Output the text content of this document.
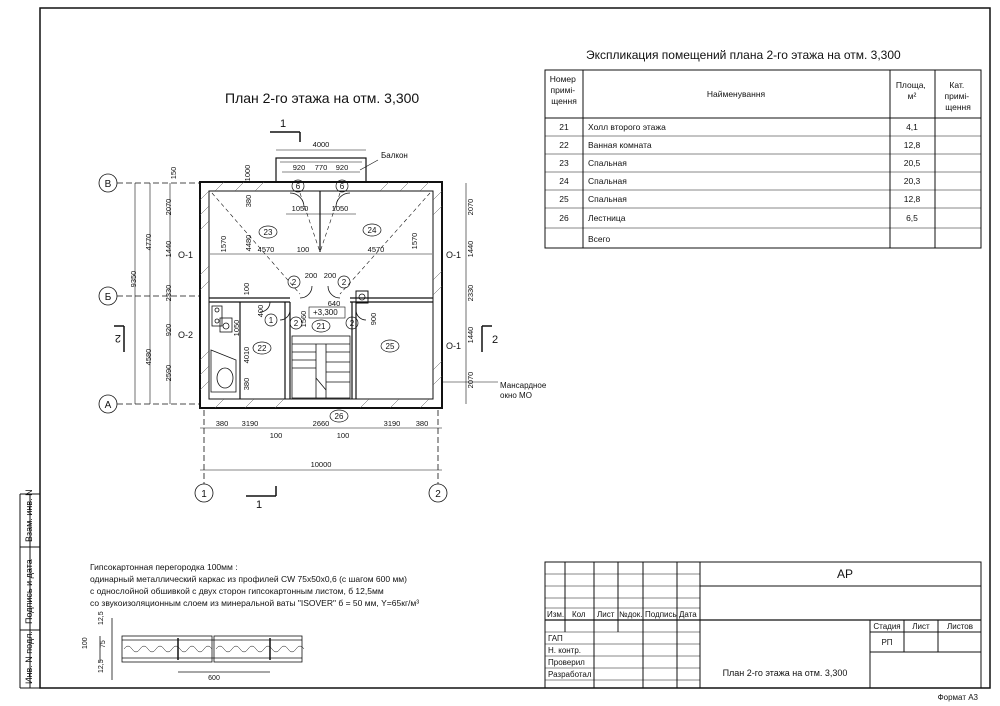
Взам. инв. N
Подпись и дата
Инв. N подл.
План 2-го этажа на отм. 3,300
Балкон
Мансардное
окно МО
+3,300
1
1
2	2
В
Б
А
1	2
23	24
22	25
21
26
6	6
2	2
2	2
1
О-1	О-1
О-2
О-1
4000
920 770 920
1050	1050
1000
380
150
4570	100	4570
200 200
640
1560
400
900
4480
1570	1570
1050
4010
380
100
2070
4770
9350
1440
2330
920
4580
2590
2070
1440
2330
1440
2070
380 3190	2660	3190 380
100	100
10000
Экспликация помещений плана 2-го этажа на отм. 3,300
Номер примі- щення
Найменування
Площа, м²
Кат. примі- щення
21 Холл второго этажа	4,1
22 Ванная комната	12,8
23 Спальная	20,5
24 Спальная	20,3
25 Спальная	12,8
26 Лестница	6,5
Всего
Гипсокартонная перегородка 100мм :
одинарный металлический каркас из профилей CW 75х50х0,6 (с шагом 600 мм)
с однослойной обшивкой с двух сторон гипсокартонным листом, б 12,5мм
со звукоизоляционным слоем из минеральной ваты "ISOVER" б = 50 мм, Y=65кг/м³
12,5
75
12,5
100
600
АР
Изм. Кол Лист №док. Подпись Дата
ГАП
Н. контр.
Проверил
Разработал
Стадия Лист Листов
РП
План 2-го этажа на отм. 3,300
Формат А3
